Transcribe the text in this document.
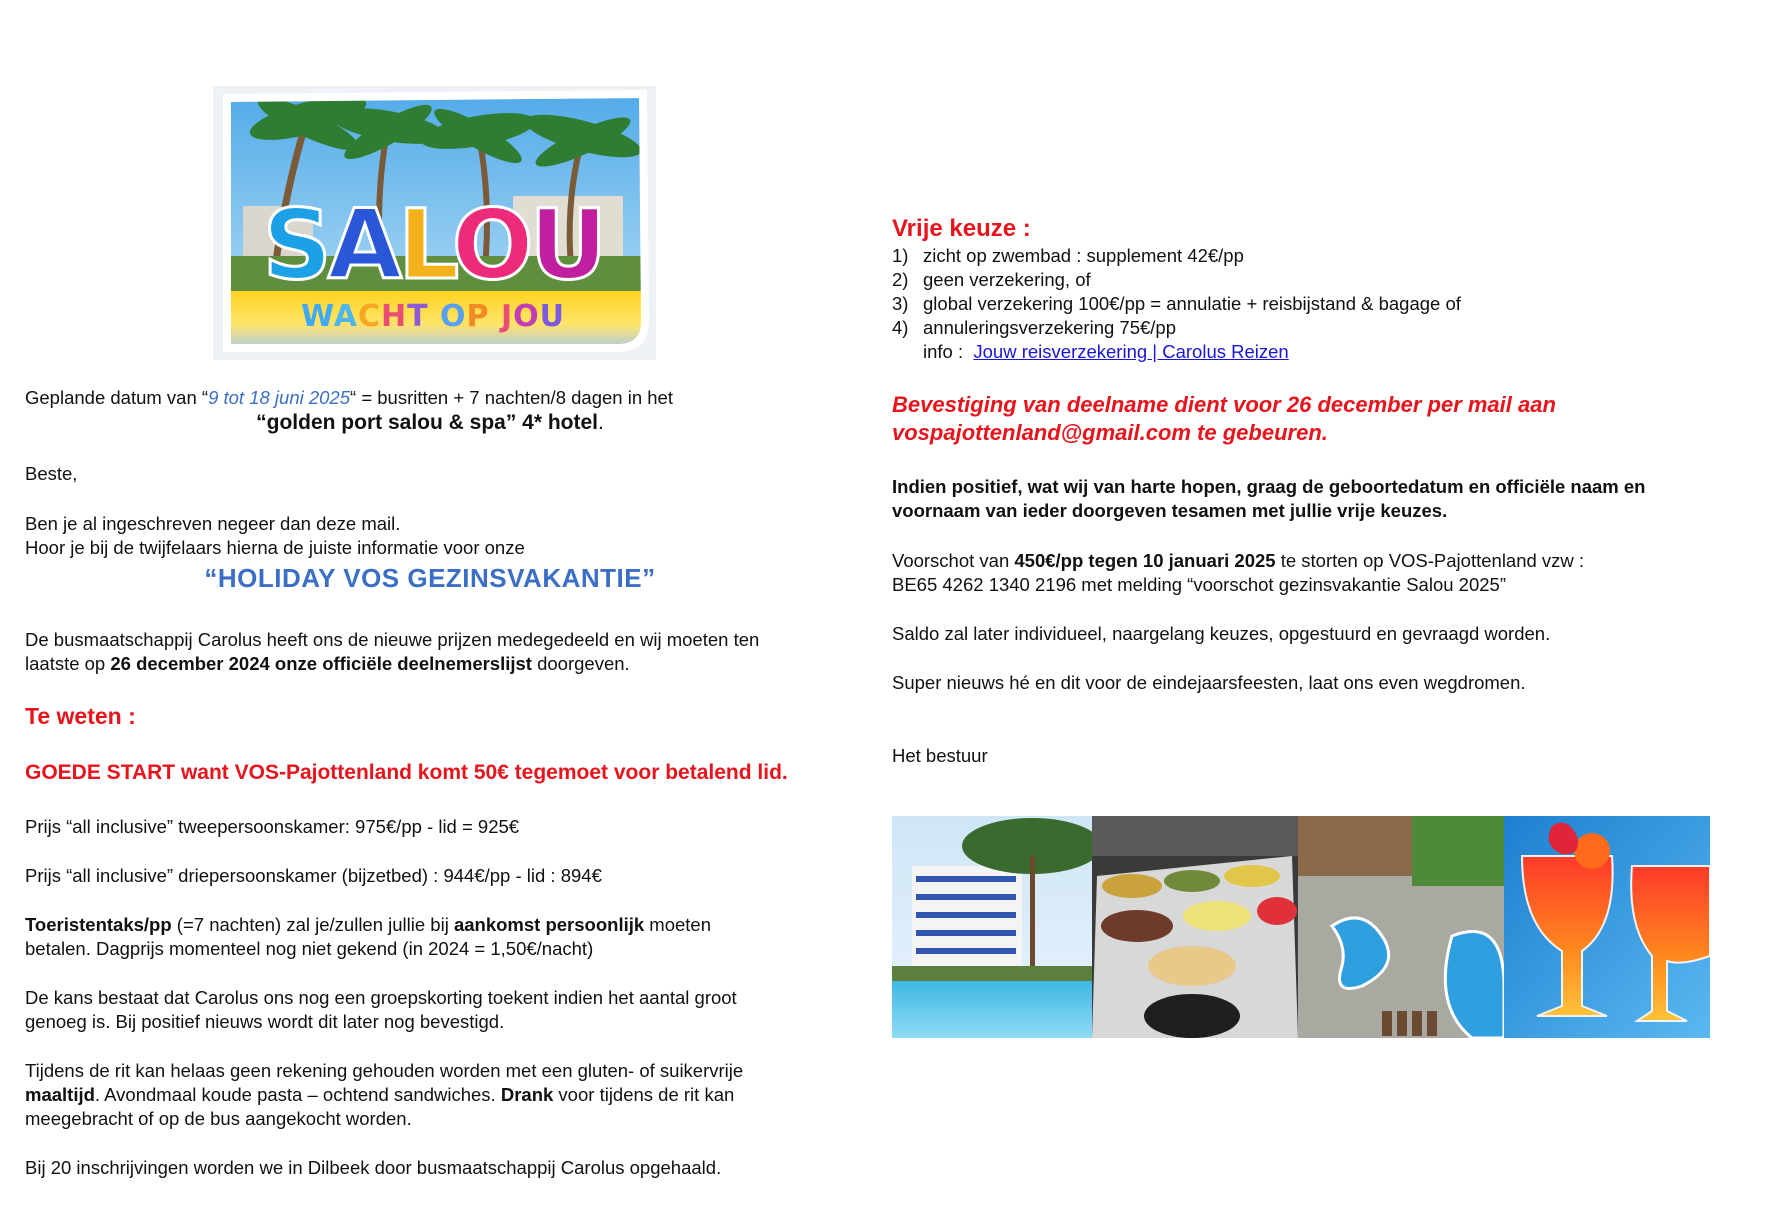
SALOU
WACHT OP JOU
Geplande datum van “9 tot 18 juni 2025“ = busritten + 7 nachten/8 dagen in het
“golden port salou & spa” 4* hotel.
Beste,
Ben je al ingeschreven negeer dan deze mail.
Hoor je bij de twijfelaars hierna de juiste informatie voor onze
“HOLIDAY VOS GEZINSVAKANTIE”
De busmaatschappij Carolus heeft ons de nieuwe prijzen medegedeeld en wij moeten ten
laatste op 26 december 2024 onze officiële deelnemerslijst doorgeven.
Te weten :
GOEDE START want VOS-Pajottenland komt 50€ tegemoet voor betalend lid.
Prijs “all inclusive” tweepersoonskamer: 975€/pp - lid = 925€
Prijs “all inclusive” driepersoonskamer (bijzetbed) : 944€/pp - lid : 894€
Toeristentaks/pp (=7 nachten) zal je/zullen jullie bij aankomst persoonlijk moeten
betalen. Dagprijs momenteel nog niet gekend (in 2024 = 1,50€/nacht)
De kans bestaat dat Carolus ons nog een groepskorting toekent indien het aantal groot
genoeg is. Bij positief nieuws wordt dit later nog bevestigd.
Tijdens de rit kan helaas geen rekening gehouden worden met een gluten- of suikervrije
maaltijd. Avondmaal koude pasta – ochtend sandwiches. Drank voor tijdens de rit kan
meegebracht of op de bus aangekocht worden.
Bij 20 inschrijvingen worden we in Dilbeek door busmaatschappij Carolus opgehaald.
Vrije keuze :
1) zicht op zwembad : supplement 42€/pp
2) geen verzekering, of
3) global verzekering 100€/pp = annulatie + reisbijstand & bagage of
4) annuleringsverzekering 75€/pp
info :  Jouw reisverzekering | Carolus Reizen
Bevestiging van deelname dient voor 26 december per mail aan
vospajottenland@gmail.com te gebeuren.
Indien positief, wat wij van harte hopen, graag de geboortedatum en officiële naam en
voornaam van ieder doorgeven tesamen met jullie vrije keuzes.
Voorschot van 450€/pp tegen 10 januari 2025 te storten op VOS-Pajottenland vzw :
BE65 4262 1340 2196 met melding “voorschot gezinsvakantie Salou 2025”
Saldo zal later individueel, naargelang keuzes, opgestuurd en gevraagd worden.
Super nieuws hé en dit voor de eindejaarsfeesten, laat ons even wegdromen.
Het bestuur
